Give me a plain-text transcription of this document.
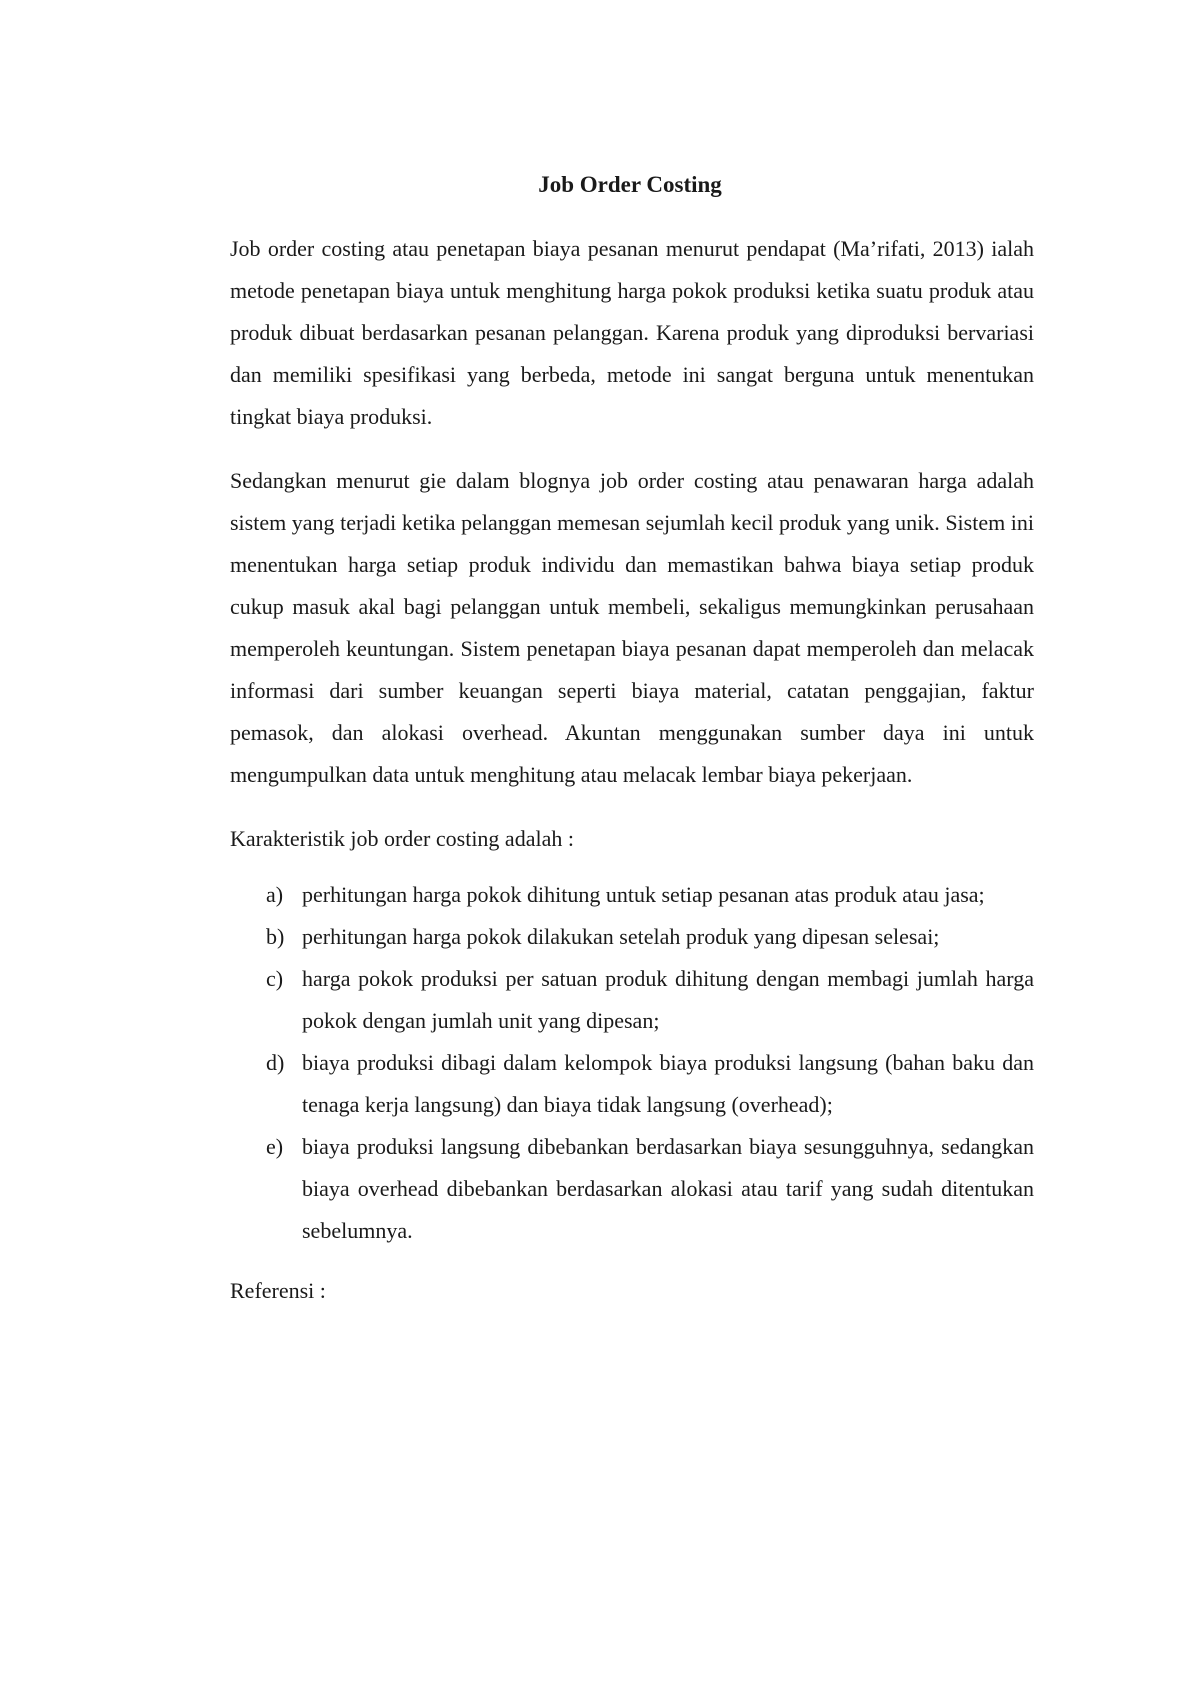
Job Order Costing

Job order costing atau penetapan biaya pesanan menurut pendapat (Ma’rifati, 2013) ialah metode penetapan biaya untuk menghitung harga pokok produksi ketika suatu produk atau produk dibuat berdasarkan pesanan pelanggan. Karena produk yang diproduksi bervariasi dan memiliki spesifikasi yang berbeda, metode ini sangat berguna untuk menentukan tingkat biaya produksi.

Sedangkan menurut gie dalam blognya job order costing atau penawaran harga adalah sistem yang terjadi ketika pelanggan memesan sejumlah kecil produk yang unik. Sistem ini menentukan harga setiap produk individu dan memastikan bahwa biaya setiap produk cukup masuk akal bagi pelanggan untuk membeli, sekaligus memungkinkan perusahaan memperoleh keuntungan. Sistem penetapan biaya pesanan dapat memperoleh dan melacak informasi dari sumber keuangan seperti biaya material, catatan penggajian, faktur pemasok, dan alokasi overhead. Akuntan menggunakan sumber daya ini untuk mengumpulkan data untuk menghitung atau melacak lembar biaya pekerjaan.

Karakteristik job order costing adalah :

a) perhitungan harga pokok dihitung untuk setiap pesanan atas produk atau jasa;
b) perhitungan harga pokok dilakukan setelah produk yang dipesan selesai;
c) harga pokok produksi per satuan produk dihitung dengan membagi jumlah harga pokok dengan jumlah unit yang dipesan;
d) biaya produksi dibagi dalam kelompok biaya produksi langsung (bahan baku dan tenaga kerja langsung) dan biaya tidak langsung (overhead);
e) biaya produksi langsung dibebankan berdasarkan biaya sesungguhnya, sedangkan biaya overhead dibebankan berdasarkan alokasi atau tarif yang sudah ditentukan sebelumnya.

Referensi :
